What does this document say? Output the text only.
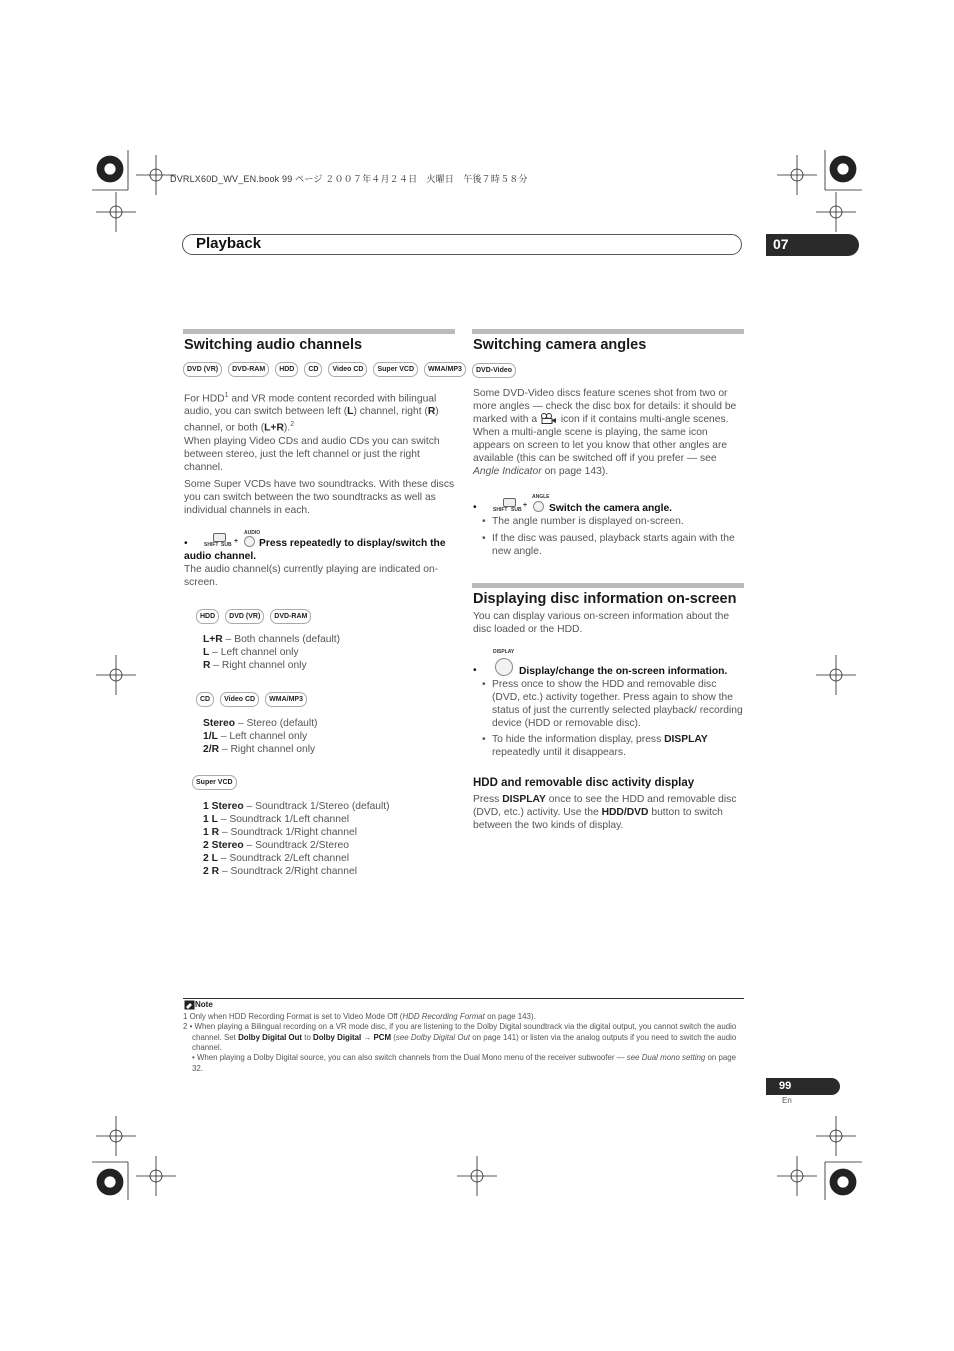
DVRLX60D_WV_EN.book 99 ページ ２００７年４月２４日　火曜日　午後７時５８分
Playback	07
Switching audio channels
DVD (VR)	DVD-RAM	HDD	CD	Video CD	Super VCD	WMA/MP3

For HDD$^1$ and VR mode content recorded with bilingual audio, you can switch between left (L) channel, right (R) channel, or both (L+R).$^2$

When playing Video CDs and audio CDs you can switch between stereo, just the left channel or just the right channel.

Some Super VCDs have two soundtracks. With these discs you can switch between the two soundtracks as well as individual channels in each.

•	SHIFT SUB +
AUDIO
Press repeatedly to display/switch the audio channel.

The audio channel(s) currently playing are indicated on-screen.

HDD	DVD (VR)	DVD-RAM
L+R – Both channels (default)
L – Left channel only
R – Right channel only
CD	Video CD	WMA/MP3
Stereo – Stereo (default)
1/L – Left channel only
2/R – Right channel only
Super VCD
1 Stereo – Soundtrack 1/Stereo (default)
1 L – Soundtrack 1/Left channel
1 R – Soundtrack 1/Right channel
2 Stereo – Soundtrack 2/Stereo
2 L – Soundtrack 2/Left channel
2 R – Soundtrack 2/Right channel
Switching camera angles
DVD-Video

Some DVD-Video discs feature scenes shot from two or more angles — check the disc box for details: it should be marked with a  icon if it contains multi-angle scenes. When a multi-angle scene is playing, the same icon appears on screen to let you know that other angles are available (this can be switched off if you prefer — see Angle Indicator on page 143).

•	SHIFT SUB
+
ANGLE
Switch the camera angle.
• The angle number is displayed on-screen.
• If the disc was paused, playback starts again with the new angle.
Displaying disc information on-screen

You can display various on-screen information about the disc loaded or the HDD.

DISPLAY
•	Display/change the on-screen information.
• Press once to show the HDD and removable disc (DVD, etc.) activity together. Press again to show the status of just the currently selected playback/ recording device (HDD or removable disc).
• To hide the information display, press DISPLAY repeatedly until it disappears.
HDD and removable disc activity display

Press DISPLAY once to see the HDD and removable disc (DVD, etc.) activity. Use the HDD/DVD button to switch between the two kinds of display.

Note
1 Only when HDD Recording Format is set to Video Mode Off (HDD Recording Format on page 143).
2 • When playing a Bilingual recording on a VR mode disc, if you are listening to the Dolby Digital soundtrack via the digital output, you cannot switch the audio channel. Set Dolby Digital Out to Dolby Digital → PCM (see Dolby Digital Out on page 141) or listen via the analog outputs if you need to switch the audio channel.
• When playing a Dolby Digital source, you can also switch channels from the Dual Mono menu of the receiver subwoofer — see Dual mono setting on page 32.
99
En
